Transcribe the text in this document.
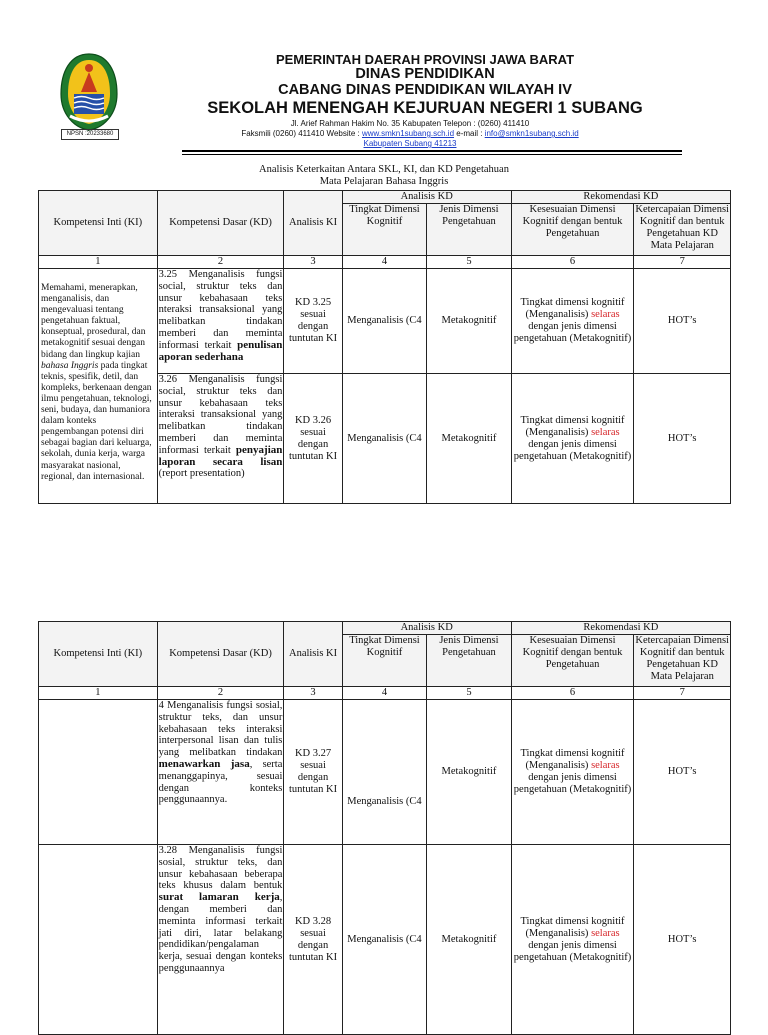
NPSN :20233680
PEMERINTAH DAERAH PROVINSI JAWA BARAT
DINAS PENDIDIKAN
CABANG DINAS PENDIDIKAN WILAYAH IV
SEKOLAH MENENGAH KEJURUAN NEGERI 1 SUBANG
Jl. Arief Rahman Hakim No. 35 Kabupaten Telepon : (0260) 411410
Faksmili (0260) 411410 Website : www.smkn1subang.sch.id e-mail : info@smkn1subang.sch.id
Kabupaten Subang 41213
Analisis Keterkaitan Antara SKL, KI, dan KD Pengetahuan
Mata Pelajaran Bahasa Inggris
Kompetensi Inti (KI)	Kompetensi Dasar (KD)	Analisis KI	Analisis KD		Rekomendasi KD	
			Tingkat Dimensi Kognitif	Jenis Dimensi Pengetahuan	Kesesuaian Dimensi Kognitif dengan bentuk Pengetahuan	Ketercapaian Dimensi Kognitif dan bentuk Pengetahuan KD Mata Pelajaran
1	2	3	4	5	6	7
Memahami, menerapkan, menganalisis, dan mengevaluasi tentang pengetahuan faktual, konseptual, prosedural, dan metakognitif sesuai dengan bidang dan lingkup kajian bahasa Inggris pada tingkat teknis, spesifik, detil, dan kompleks, berkenaan dengan ilmu pengetahuan, teknologi, seni, budaya, dan humaniora dalam konteks pengembangan potensi diri sebagai bagian dari keluarga, sekolah, dunia kerja, warga masyarakat nasional, regional, dan internasional.	3.25 Menganalisis fungsi social, struktur teks dan unsur kebahasaan teks nteraksi transaksional yang melibatkan tindakan memberi dan meminta informasi terkait penulisan aporan sederhana	KD 3.25 sesuai dengan tuntutan KI	Menganalisis (C4	Metakognitif	Tingkat dimensi kognitif (Menganalisis) selaras dengan jenis dimensi pengetahuan (Metakognitif)	HOT’s
	3.26 Menganalisis fungsi social, struktur teks dan unsur kebahasaan teks interaksi transaksional yang melibatkan tindakan memberi dan meminta informasi terkait penyajian laporan secara lisan (report presentation)	KD 3.26 sesuai dengan tuntutan KI	Menganalisis (C4	Metakognitif	Tingkat dimensi kognitif (Menganalisis) selaras dengan jenis dimensi pengetahuan (Metakognitif)	HOT’s
Kompetensi Inti (KI)	Kompetensi Dasar (KD)	Analisis KI	Analisis KD		Rekomendasi KD	
			Tingkat Dimensi Kognitif	Jenis Dimensi Pengetahuan	Kesesuaian Dimensi Kognitif dengan bentuk Pengetahuan	Ketercapaian Dimensi Kognitif dan bentuk Pengetahuan KD Mata Pelajaran
1	2	3	4	5	6	7
	4 Menganalisis fungsi sosial, struktur teks, dan unsur kebahasaan teks interaksi interpersonal lisan dan tulis yang melibatkan tindakan menawarkan jasa, serta menanggapinya, sesuai dengan konteks penggunaannya.	KD 3.27 sesuai dengan tuntutan KI	Menganalisis (C4	Metakognitif	Tingkat dimensi kognitif (Menganalisis) selaras dengan jenis dimensi pengetahuan (Metakognitif)	HOT’s
	3.28 Menganalisis fungsi sosial, struktur teks, dan unsur kebahasaan beberapa teks khusus dalam bentuk surat lamaran kerja, dengan memberi dan meminta informasi terkait jati diri, latar belakang pendidikan/pengalaman kerja, sesuai dengan konteks penggunaannya	KD 3.28 sesuai dengan tuntutan KI	Menganalisis (C4	Metakognitif	Tingkat dimensi kognitif (Menganalisis) selaras dengan jenis dimensi pengetahuan (Metakognitif)	HOT’s
